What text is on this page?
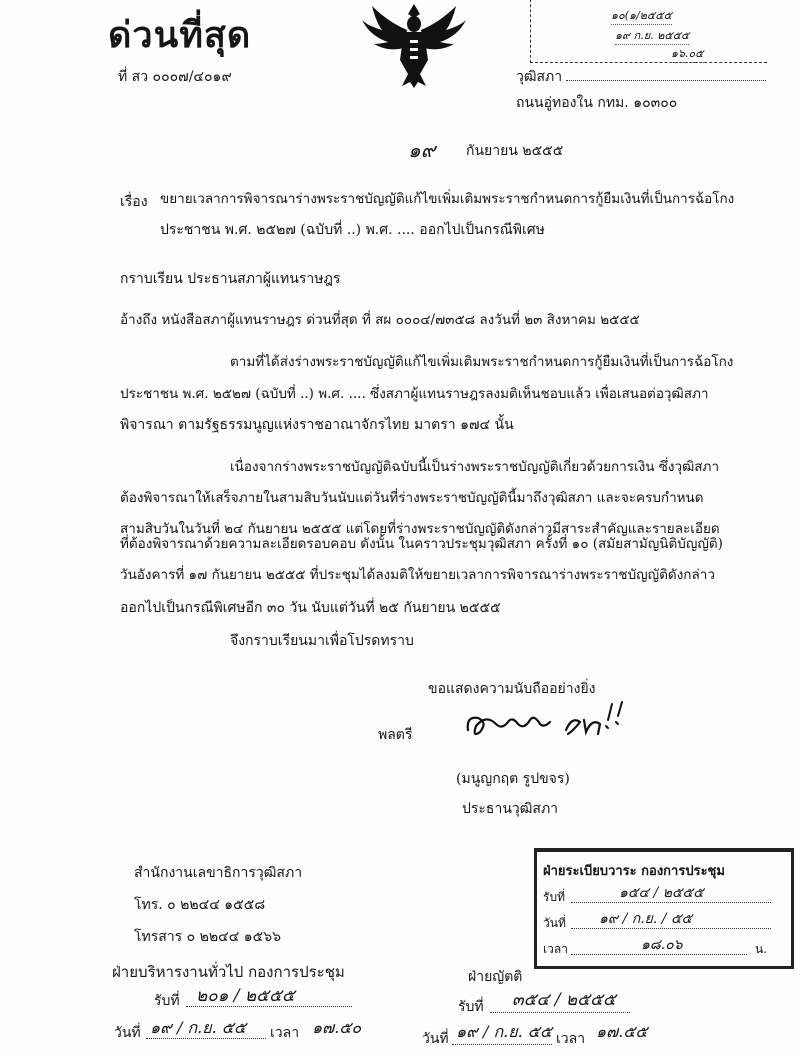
ด่วนที่สุด
ที่ สว ๐๐๐๗/๔๐๑๙
๑๐(๑/๒๕๕๕
๑๙ ก.ย. ๒๕๕๕
๑๖.๐๕
วุฒิสภา
ถนนอู่ทองใน กทม. ๑๐๓๐๐
๑๙ กันยายน ๒๕๕๕
เรื่อง ขยายเวลาการพิจารณาร่างพระราชบัญญัติแก้ไขเพิ่มเติมพระราชกำหนดการกู้ยืมเงินที่เป็นการฉ้อโกง
ประชาชน พ.ศ. ๒๕๒๗ (ฉบับที่ ..) พ.ศ. .... ออกไปเป็นกรณีพิเศษ
กราบเรียน ประธานสภาผู้แทนราษฎร
อ้างถึง หนังสือสภาผู้แทนราษฎร ด่วนที่สุด ที่ สผ ๐๐๐๔/๗๓๕๘ ลงวันที่ ๒๓ สิงหาคม ๒๕๕๕
ตามที่ได้ส่งร่างพระราชบัญญัติแก้ไขเพิ่มเติมพระราชกำหนดการกู้ยืมเงินที่เป็นการฉ้อโกง
ประชาชน พ.ศ. ๒๕๒๗ (ฉบับที่ ..) พ.ศ. .... ซึ่งสภาผู้แทนราษฎรลงมติเห็นชอบแล้ว เพื่อเสนอต่อวุฒิสภา
พิจารณา ตามรัฐธรรมนูญแห่งราชอาณาจักรไทย มาตรา ๑๗๔ นั้น
เนื่องจากร่างพระราชบัญญัติฉบับนี้เป็นร่างพระราชบัญญัติเกี่ยวด้วยการเงิน ซึ่งวุฒิสภา
ต้องพิจารณาให้เสร็จภายในสามสิบวันนับแต่วันที่ร่างพระราชบัญญัตินี้มาถึงวุฒิสภา และจะครบกำหนด
สามสิบวันในวันที่ ๒๔ กันยายน ๒๕๕๕ แต่โดยที่ร่างพระราชบัญญัติดังกล่าวมีสาระสำคัญและรายละเอียด
ที่ต้องพิจารณาด้วยความละเอียดรอบคอบ ดังนั้น ในคราวประชุมวุฒิสภา ครั้งที่ ๑๐ (สมัยสามัญนิติบัญญัติ)
วันอังคารที่ ๑๗ กันยายน ๒๕๕๕ ที่ประชุมได้ลงมติให้ขยายเวลาการพิจารณาร่างพระราชบัญญัติดังกล่าว
ออกไปเป็นกรณีพิเศษอีก ๓๐ วัน นับแต่วันที่ ๒๕ กันยายน ๒๕๕๕
จึงกราบเรียนมาเพื่อโปรดทราบ
ขอแสดงความนับถืออย่างยิ่ง
พลตรี
(มนูญกฤต รูปขจร)
ประธานวุฒิสภา
สำนักงานเลขาธิการวุฒิสภา
โทร. ๐ ๒๒๔๔ ๑๕๕๘
โทรสาร ๐ ๒๒๔๔ ๑๕๖๖
ฝ่ายระเบียบวาระ กองการประชุม
รับที่	๑๕๔ / ๒๕๕๕
วันที่ ๑๙ / ก.ย. / ๕๕
เวลา	๑๘.๐๖	น.
ฝ่ายบริหารงานทั่วไป กองการประชุม
รับที่ ๒๐๑ / ๒๕๕๕
วันที่ ๑๙ / ก.ย. ๕๕ เวลา ๑๗.๕๐
ฝ่ายญัตติ
รับที่ ๓๕๔ / ๒๕๕๕
วันที่ ๑๙ / ก.ย. ๕๕ เวลา ๑๗.๕๕
